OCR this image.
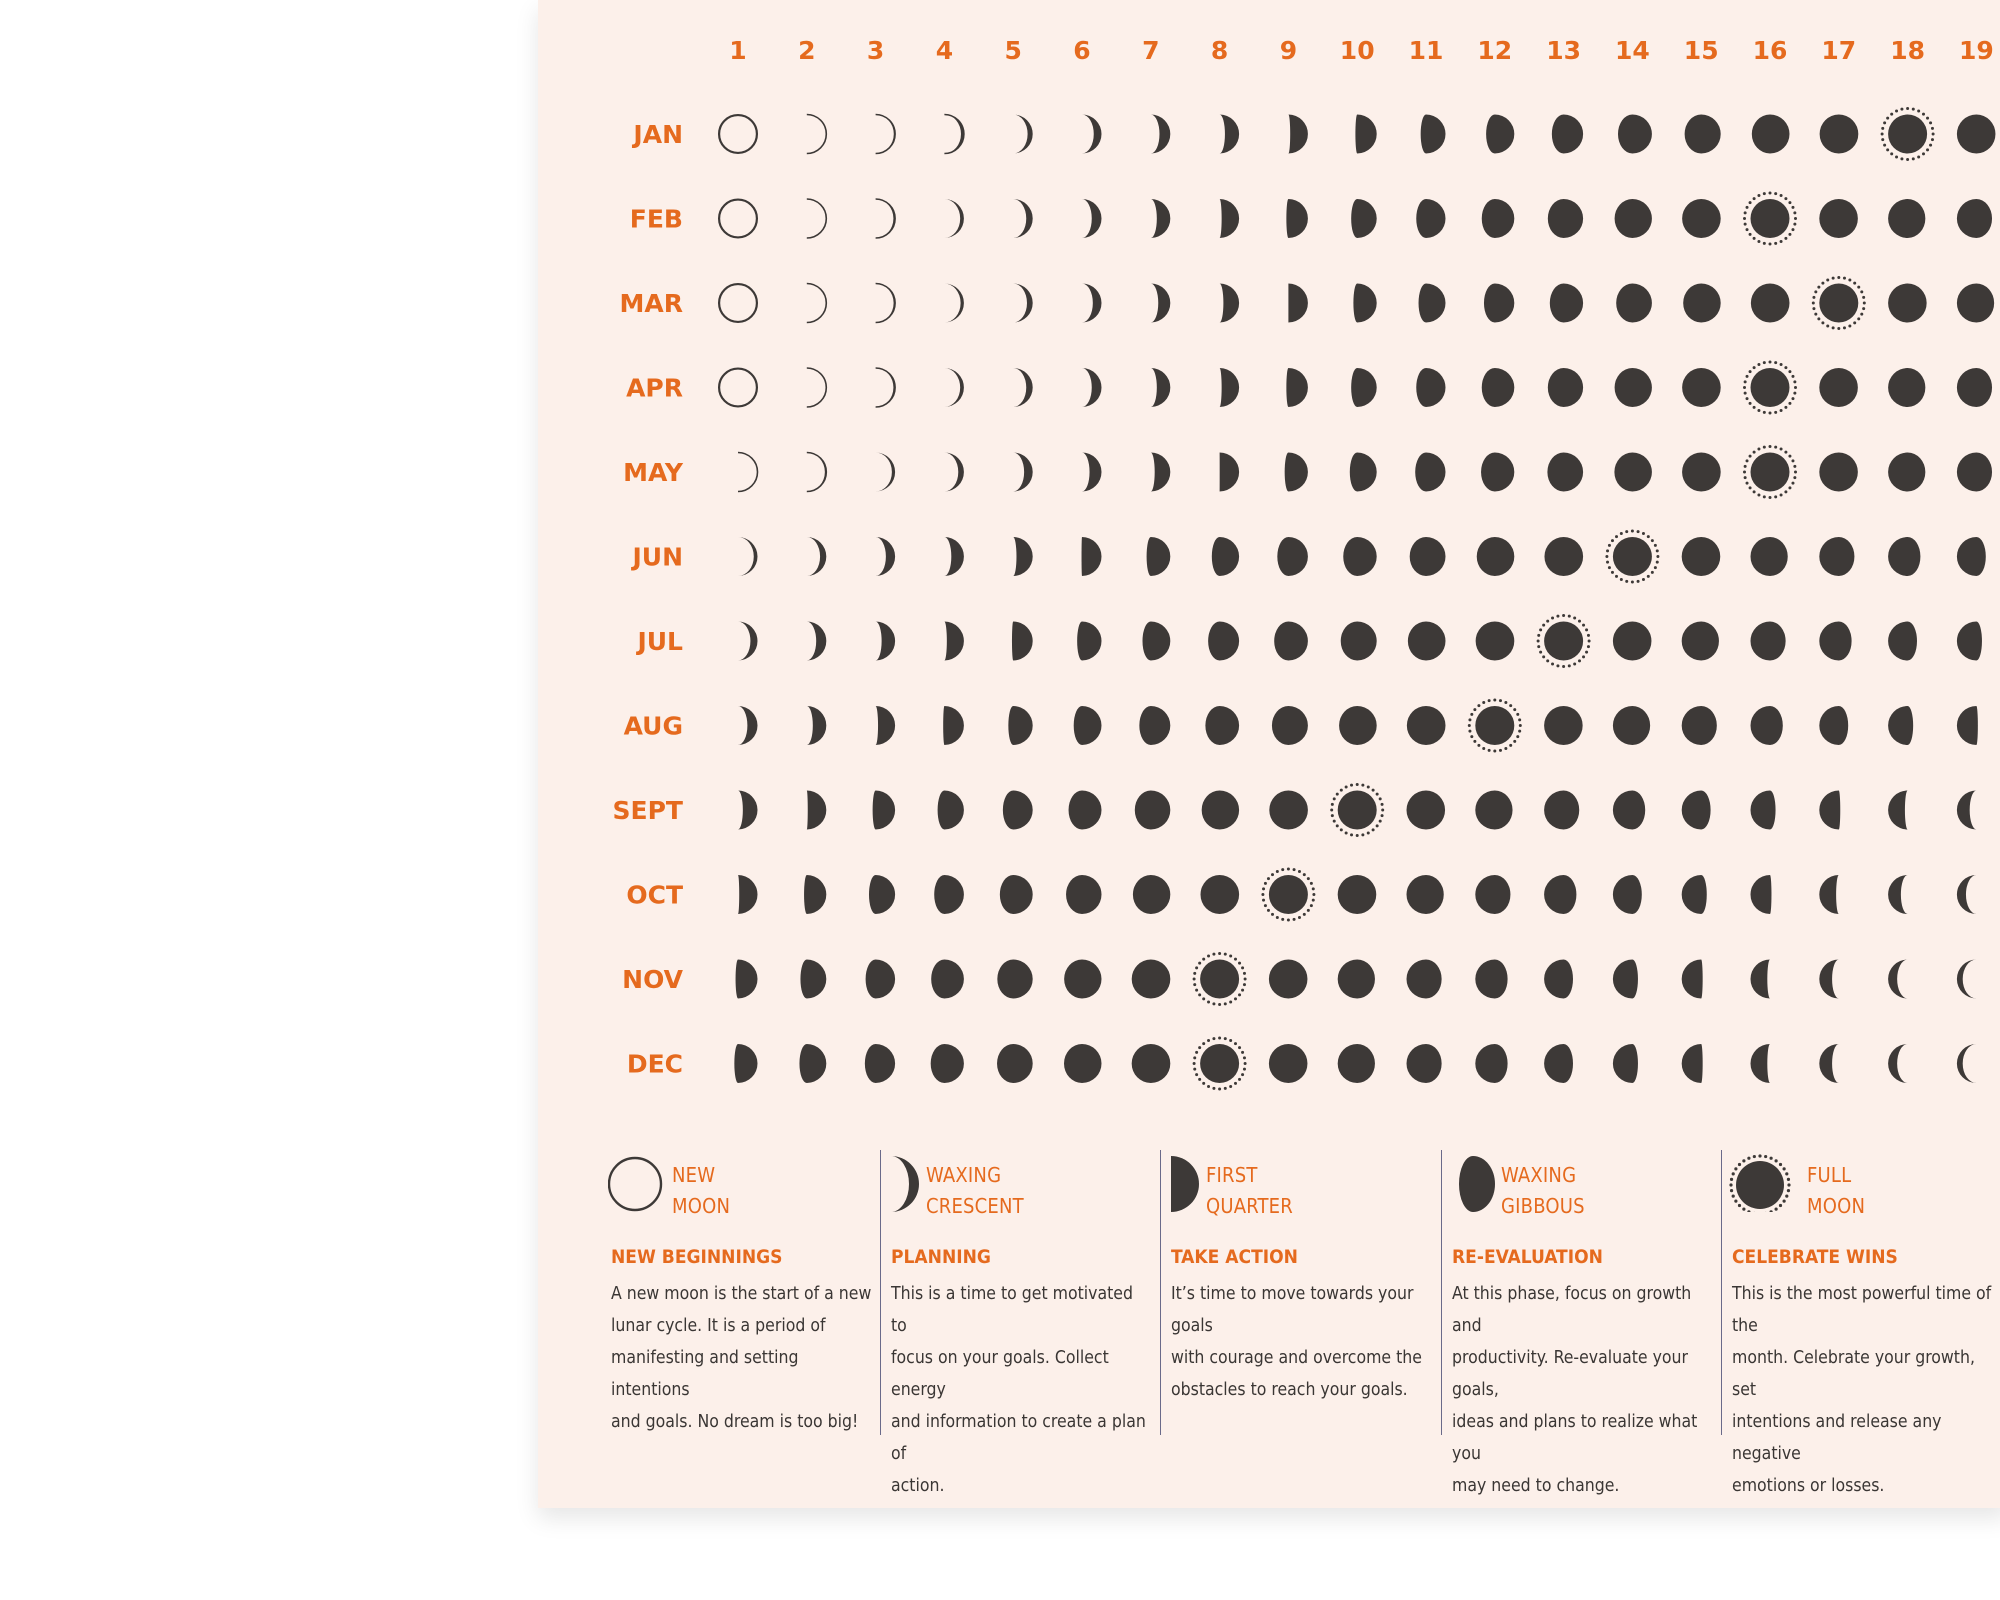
1 2 3 4 5 6 7 8 9 10 11 12 13 14 15 16 17 18 19
JAN
FEB
MAR
APR
MAY
JUN
JUL
AUG
SEPT
OCT
NOV
DEC
NEW
MOON
NEW BEGINNINGS
A new moon is the start of a new
lunar cycle. It is a period of
manifesting and setting intentions
and goals. No dream is too big!
WAXING
CRESCENT
PLANNING
This is a time to get motivated to
focus on your goals. Collect energy
and information to create a plan of
action.
FIRST
QUARTER
TAKE ACTION
It’s time to move towards your goals
with courage and overcome the
obstacles to reach your goals.
WAXING
GIBBOUS
RE-EVALUATION
At this phase, focus on growth and
productivity. Re-evaluate your goals,
ideas and plans to realize what you
may need to change.
FULL
MOON
CELEBRATE WINS
This is the most powerful time of the
month. Celebrate your growth, set
intentions and release any negative
emotions or losses.
